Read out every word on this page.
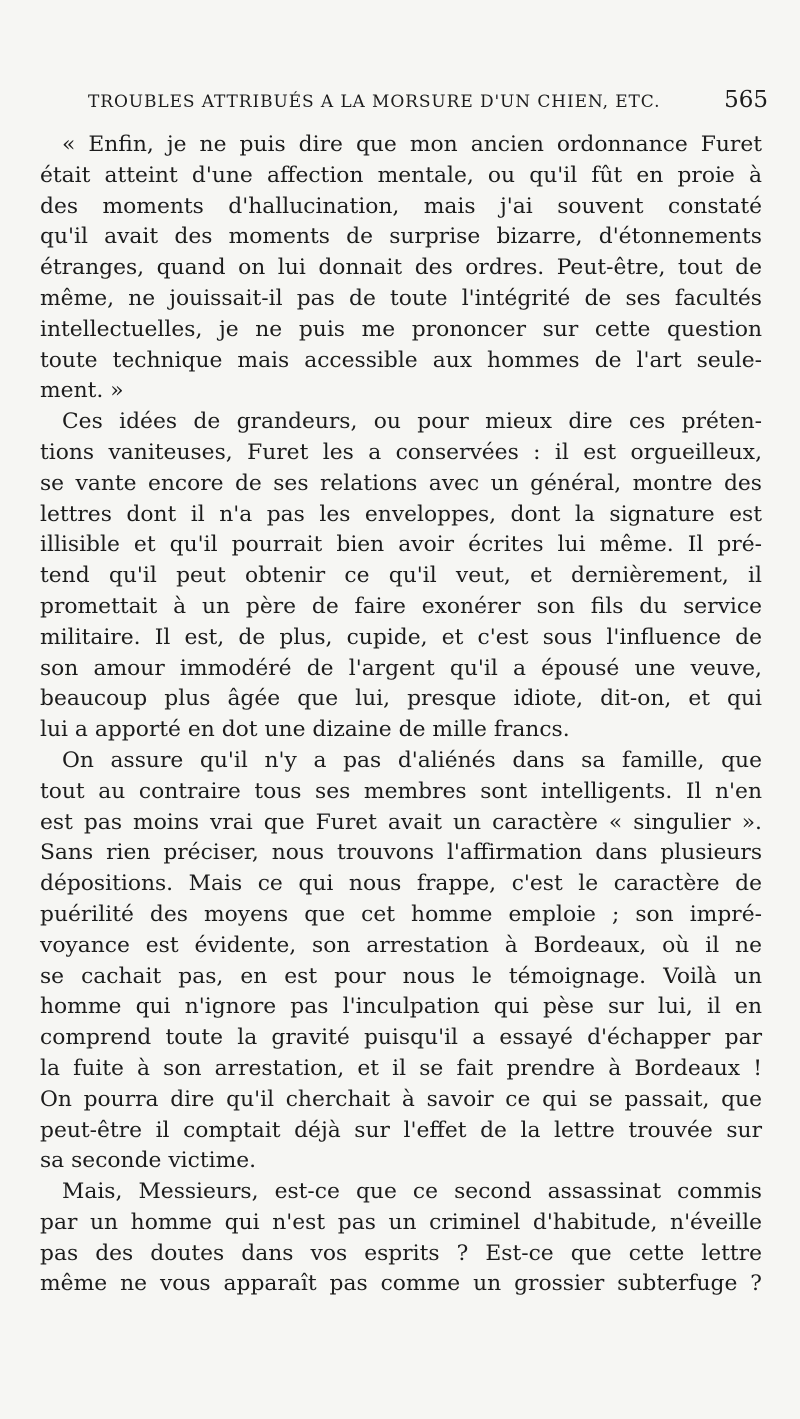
TROUBLES ATTRIBUÉS A LA MORSURE D'UN CHIEN, ETC.	565
« Enfin, je ne puis dire que mon ancien ordonnance Furet
était atteint d'une affection mentale, ou qu'il fût en proie à
des moments d'hallucination, mais j'ai souvent constaté
qu'il avait des moments de surprise bizarre, d'étonnements
étranges, quand on lui donnait des ordres. Peut-être, tout de
même, ne jouissait-il pas de toute l'intégrité de ses facultés
intellectuelles, je ne puis me prononcer sur cette question
toute technique mais accessible aux hommes de l'art seule-
ment. »
Ces idées de grandeurs, ou pour mieux dire ces préten-
tions vaniteuses, Furet les a conservées : il est orgueilleux,
se vante encore de ses relations avec un général, montre des
lettres dont il n'a pas les enveloppes, dont la signature est
illisible et qu'il pourrait bien avoir écrites lui même. Il pré-
tend qu'il peut obtenir ce qu'il veut, et dernièrement, il
promettait à un père de faire exonérer son fils du service
militaire. Il est, de plus, cupide, et c'est sous l'influence de
son amour immodéré de l'argent qu'il a épousé une veuve,
beaucoup plus âgée que lui, presque idiote, dit-on, et qui
lui a apporté en dot une dizaine de mille francs.
On assure qu'il n'y a pas d'aliénés dans sa famille, que
tout au contraire tous ses membres sont intelligents. Il n'en
est pas moins vrai que Furet avait un caractère « singulier ».
Sans rien préciser, nous trouvons l'affirmation dans plusieurs
dépositions. Mais ce qui nous frappe, c'est le caractère de
puérilité des moyens que cet homme emploie ; son impré-
voyance est évidente, son arrestation à Bordeaux, où il ne
se cachait pas, en est pour nous le témoignage. Voilà un
homme qui n'ignore pas l'inculpation qui pèse sur lui, il en
comprend toute la gravité puisqu'il a essayé d'échapper par
la fuite à son arrestation, et il se fait prendre à Bordeaux !
On pourra dire qu'il cherchait à savoir ce qui se passait, que
peut-être il comptait déjà sur l'effet de la lettre trouvée sur
sa seconde victime.
Mais, Messieurs, est-ce que ce second assassinat commis
par un homme qui n'est pas un criminel d'habitude, n'éveille
pas des doutes dans vos esprits ? Est-ce que cette lettre
même ne vous apparaît pas comme un grossier subterfuge ?
